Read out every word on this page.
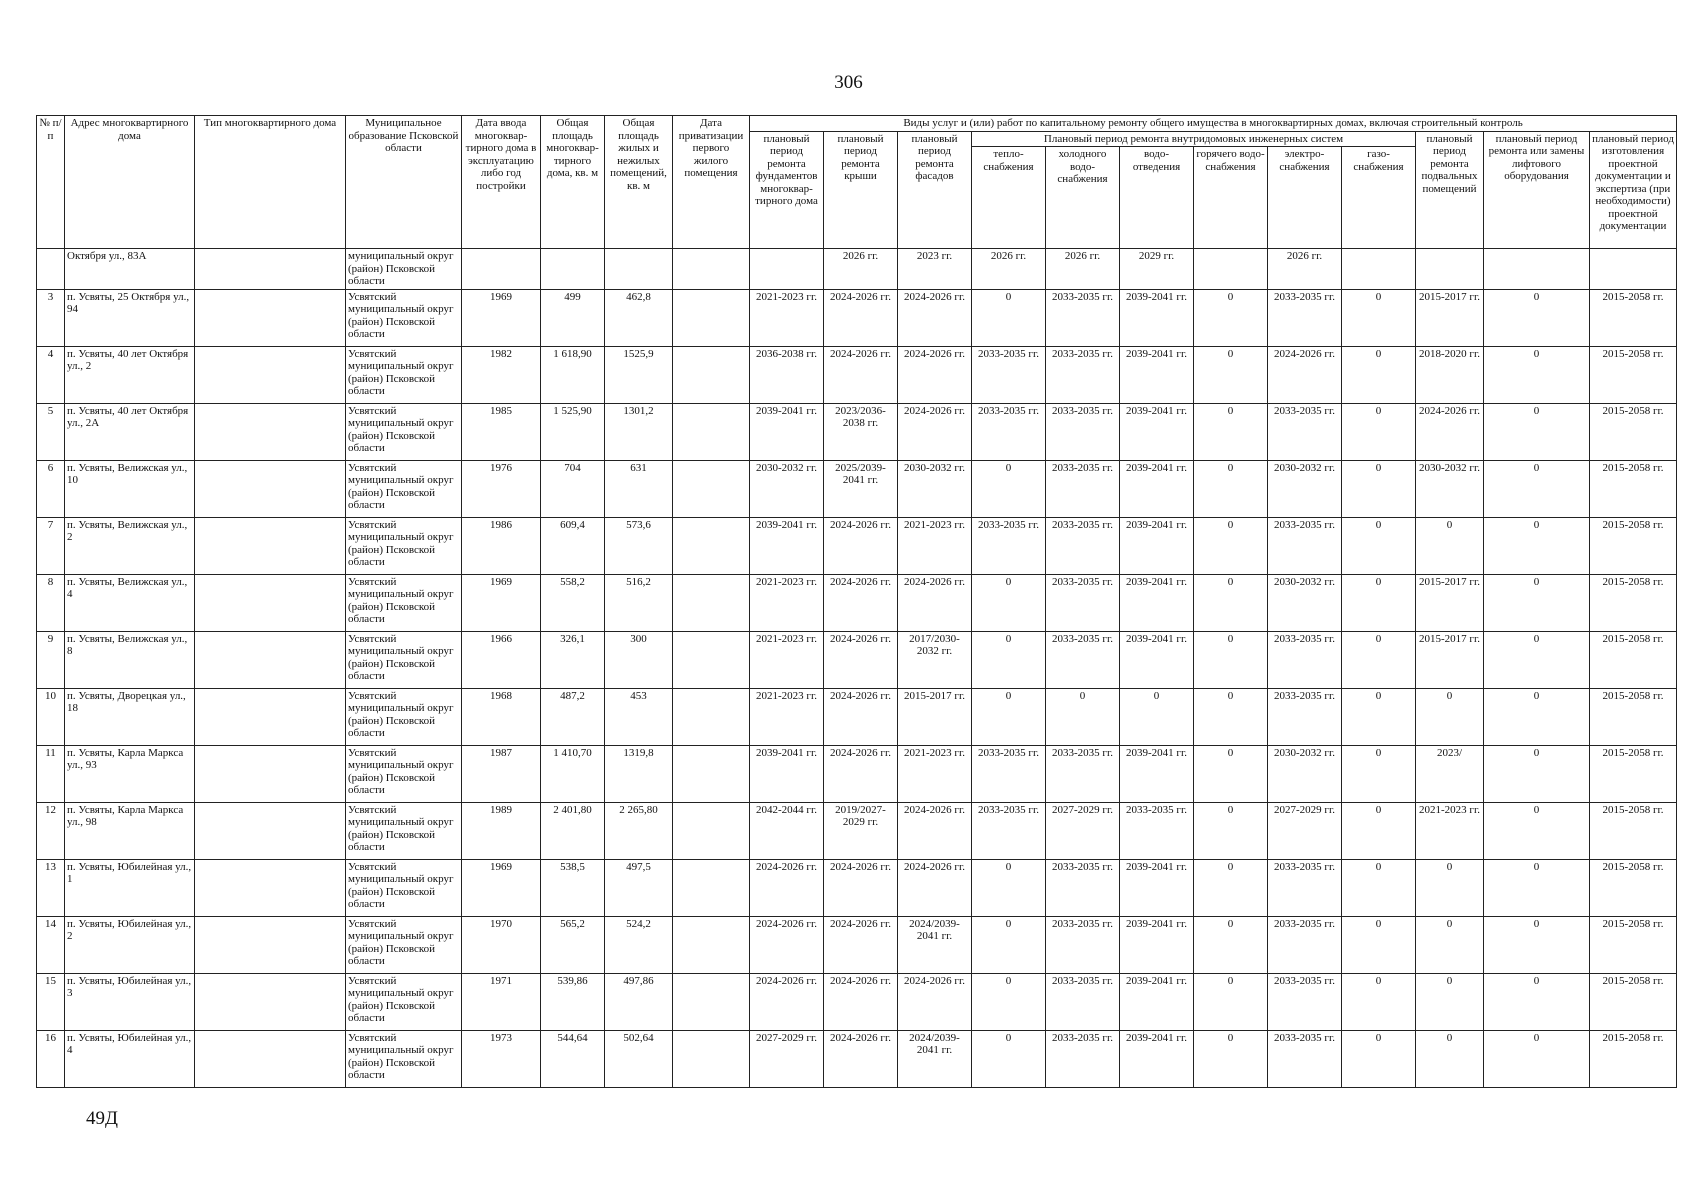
306
№ п/п	Адрес многоквартирного дома	Тип многоквартирного дома	Муниципальное образование Псковской области	Дата ввода многоквар-тирного дома в эксплуатацию либо год постройки	Общая площадь многоквар-тирного дома, кв. м	Общая площадь жилых и нежилых помещений, кв. м	Дата приватизации первого жилого помещения	Виды услуг и (или) работ по капитальному ремонту общего имущества в многоквартирных домах, включая строительный контроль											
								плановый период ремонта фундаментов многоквар-тирного дома	плановый период ремонта крыши	плановый период ремонта фасадов	Плановый период ремонта внутридомовых инженерных систем						плановый период ремонта подвальных помещений	плановый период ремонта или замены лифтового оборудования	плановый период изготовления проектной документации и экспертиза (при необходимости) проектной документации
											тепло-снабжения	холодного водо-снабжения	водо-отведения	горячего водо-снабжения	электро-снабжения	газо-снабжения			
	Октября ул., 83А		муниципальный округ (район) Псковской области						2026 гг.	2023 гг.	2026 гг.	2026 гг.	2029 гг.		2026 гг.				
3	п. Усвяты, 25 Октября ул., 94		Усвятский муниципальный округ (район) Псковской области	1969	499	462,8		2021-2023 гг.	2024-2026 гг.	2024-2026 гг.	0	2033-2035 гг.	2039-2041 гг.	0	2033-2035 гг.	0	2015-2017 гг.	0	2015-2058 гг.
4	п. Усвяты, 40 лет Октября ул., 2		Усвятский муниципальный округ (район) Псковской области	1982	1 618,90	1525,9		2036-2038 гг.	2024-2026 гг.	2024-2026 гг.	2033-2035 гг.	2033-2035 гг.	2039-2041 гг.	0	2024-2026 гг.	0	2018-2020 гг.	0	2015-2058 гг.
5	п. Усвяты, 40 лет Октября ул., 2А		Усвятский муниципальный округ (район) Псковской области	1985	1 525,90	1301,2		2039-2041 гг.	2023/2036-2038 гг.	2024-2026 гг.	2033-2035 гг.	2033-2035 гг.	2039-2041 гг.	0	2033-2035 гг.	0	2024-2026 гг.	0	2015-2058 гг.
6	п. Усвяты, Велижская ул., 10		Усвятский муниципальный округ (район) Псковской области	1976	704	631		2030-2032 гг.	2025/2039-2041 гг.	2030-2032 гг.	0	2033-2035 гг.	2039-2041 гг.	0	2030-2032 гг.	0	2030-2032 гг.	0	2015-2058 гг.
7	п. Усвяты, Велижская ул., 2		Усвятский муниципальный округ (район) Псковской области	1986	609,4	573,6		2039-2041 гг.	2024-2026 гг.	2021-2023 гг.	2033-2035 гг.	2033-2035 гг.	2039-2041 гг.	0	2033-2035 гг.	0	0	0	2015-2058 гг.
8	п. Усвяты, Велижская ул., 4		Усвятский муниципальный округ (район) Псковской области	1969	558,2	516,2		2021-2023 гг.	2024-2026 гг.	2024-2026 гг.	0	2033-2035 гг.	2039-2041 гг.	0	2030-2032 гг.	0	2015-2017 гг.	0	2015-2058 гг.
9	п. Усвяты, Велижская ул., 8		Усвятский муниципальный округ (район) Псковской области	1966	326,1	300		2021-2023 гг.	2024-2026 гг.	2017/2030-2032 гг.	0	2033-2035 гг.	2039-2041 гг.	0	2033-2035 гг.	0	2015-2017 гг.	0	2015-2058 гг.
10	п. Усвяты, Дворецкая ул., 18		Усвятский муниципальный округ (район) Псковской области	1968	487,2	453		2021-2023 гг.	2024-2026 гг.	2015-2017 гг.	0	0	0	0	2033-2035 гг.	0	0	0	2015-2058 гг.
11	п. Усвяты, Карла Маркса ул., 93		Усвятский муниципальный округ (район) Псковской области	1987	1 410,70	1319,8		2039-2041 гг.	2024-2026 гг.	2021-2023 гг.	2033-2035 гг.	2033-2035 гг.	2039-2041 гг.	0	2030-2032 гг.	0	2023/	0	2015-2058 гг.
12	п. Усвяты, Карла Маркса ул., 98		Усвятский муниципальный округ (район) Псковской области	1989	2 401,80	2 265,80		2042-2044 гг.	2019/2027-2029 гг.	2024-2026 гг.	2033-2035 гг.	2027-2029 гг.	2033-2035 гг.	0	2027-2029 гг.	0	2021-2023 гг.	0	2015-2058 гг.
13	п. Усвяты, Юбилейная ул., 1		Усвятский муниципальный округ (район) Псковской области	1969	538,5	497,5		2024-2026 гг.	2024-2026 гг.	2024-2026 гг.	0	2033-2035 гг.	2039-2041 гг.	0	2033-2035 гг.	0	0	0	2015-2058 гг.
14	п. Усвяты, Юбилейная ул., 2		Усвятский муниципальный округ (район) Псковской области	1970	565,2	524,2		2024-2026 гг.	2024-2026 гг.	2024/2039-2041 гг.	0	2033-2035 гг.	2039-2041 гг.	0	2033-2035 гг.	0	0	0	2015-2058 гг.
15	п. Усвяты, Юбилейная ул., 3		Усвятский муниципальный округ (район) Псковской области	1971	539,86	497,86		2024-2026 гг.	2024-2026 гг.	2024-2026 гг.	0	2033-2035 гг.	2039-2041 гг.	0	2033-2035 гг.	0	0	0	2015-2058 гг.
16	п. Усвяты, Юбилейная ул., 4		Усвятский муниципальный округ (район) Псковской области	1973	544,64	502,64		2027-2029 гг.	2024-2026 гг.	2024/2039-2041 гг.	0	2033-2035 гг.	2039-2041 гг.	0	2033-2035 гг.	0	0	0	2015-2058 гг.
49Д
